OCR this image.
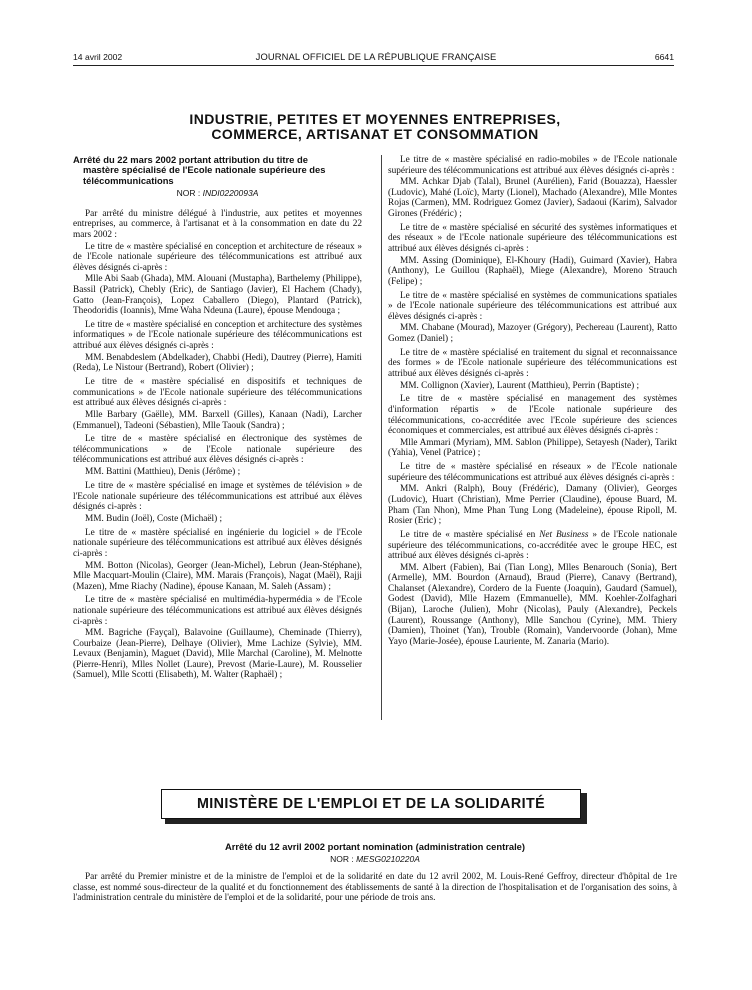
14 avril 2002	JOURNAL OFFICIEL DE LA RÉPUBLIQUE FRANÇAISE	6641
INDUSTRIE, PETITES ET MOYENNES ENTREPRISES,
COMMERCE, ARTISANAT ET CONSOMMATION
Arrêté du 22 mars 2002 portant attribution du titre de
mastère spécialisé de l'Ecole nationale supérieure des
télécommunications
NOR : INDI0220093A

Par arrêté du ministre délégué à l'industrie, aux petites et moyennes entreprises, au commerce, à l'artisanat et à la consommation en date du 22 mars 2002 :

Le titre de « mastère spécialisé en conception et architecture de réseaux » de l'Ecole nationale supérieure des télécommunications est attribué aux élèves désignés ci-après :

Mlle Abi Saab (Ghada), MM. Alouani (Mustapha), Barthelemy (Philippe), Bassil (Patrick), Chebly (Eric), de Santiago (Javier), El Hachem (Chady), Gatto (Jean-François), Lopez Caballero (Diego), Plantard (Patrick), Theodoridis (Ioannis), Mme Waha Ndeuna (Laure), épouse Mendouga ;

Le titre de « mastère spécialisé en conception et architecture des systèmes informatiques » de l'Ecole nationale supérieure des télécommunications est attribué aux élèves désignés ci-après :

MM. Benabdeslem (Abdelkader), Chabbi (Hedi), Dautrey (Pierre), Hamiti (Reda), Le Nistour (Bertrand), Robert (Olivier) ;

Le titre de « mastère spécialisé en dispositifs et techniques de communications » de l'Ecole nationale supérieure des télécommunications est attribué aux élèves désignés ci-après :

Mlle Barbary (Gaëlle), MM. Barxell (Gilles), Kanaan (Nadi), Larcher (Emmanuel), Tadeoni (Sébastien), Mlle Taouk (Sandra) ;

Le titre de « mastère spécialisé en électronique des systèmes de télécommunications » de l'Ecole nationale supérieure des télécommunications est attribué aux élèves désignés ci-après :

MM. Battini (Matthieu), Denis (Jérôme) ;

Le titre de « mastère spécialisé en image et systèmes de télévision » de l'Ecole nationale supérieure des télécommunications est attribué aux élèves désignés ci-après :

MM. Budin (Joël), Coste (Michaël) ;

Le titre de « mastère spécialisé en ingénierie du logiciel » de l'Ecole nationale supérieure des télécommunications est attribué aux élèves désignés ci-après :

MM. Botton (Nicolas), Georger (Jean-Michel), Lebrun (Jean-Stéphane), Mlle Macquart-Moulin (Claire), MM. Marais (François), Nagat (Maël), Rajji (Mazen), Mme Riachy (Nadine), épouse Kanaan, M. Saleh (Assam) ;

Le titre de « mastère spécialisé en multimédia-hypermédia » de l'Ecole nationale supérieure des télécommunications est attribué aux élèves désignés ci-après :

MM. Bagriche (Fayçal), Balavoine (Guillaume), Cheminade (Thierry), Courbaize (Jean-Pierre), Delhaye (Olivier), Mme Lachize (Sylvie), MM. Levaux (Benjamin), Maguet (David), Mlle Marchal (Caroline), M. Melnotte (Pierre-Henri), Mlles Nollet (Laure), Prevost (Marie-Laure), M. Rousselier (Samuel), Mlle Scotti (Elisabeth), M. Walter (Raphaël) ;

Le titre de « mastère spécialisé en radio-mobiles » de l'Ecole nationale supérieure des télécommunications est attribué aux élèves désignés ci-après :

MM. Achkar Djab (Talal), Brunel (Aurélien), Farid (Bouazza), Haessler (Ludovic), Mahé (Loïc), Marty (Lionel), Machado (Alexandre), Mlle Montes Rojas (Carmen), MM. Rodriguez Gomez (Javier), Sadaoui (Karim), Salvador Girones (Frédéric) ;

Le titre de « mastère spécialisé en sécurité des systèmes informatiques et des réseaux » de l'Ecole nationale supérieure des télécommunications est attribué aux élèves désignés ci-après :

MM. Assing (Dominique), El-Khoury (Hadi), Guimard (Xavier), Habra (Anthony), Le Guillou (Raphaël), Miege (Alexandre), Moreno Strauch (Felipe) ;

Le titre de « mastère spécialisé en systèmes de communications spatiales » de l'Ecole nationale supérieure des télécommunications est attribué aux élèves désignés ci-après :

MM. Chabane (Mourad), Mazoyer (Grégory), Pechereau (Laurent), Ratto Gomez (Daniel) ;

Le titre de « mastère spécialisé en traitement du signal et reconnaissance des formes » de l'Ecole nationale supérieure des télécommunications est attribué aux élèves désignés ci-après :

MM. Collignon (Xavier), Laurent (Matthieu), Perrin (Baptiste) ;

Le titre de « mastère spécialisé en management des systèmes d'information répartis » de l'Ecole nationale supérieure des télécommunications, co-accréditée avec l'Ecole supérieure des sciences économiques et commerciales, est attribué aux élèves désignés ci-après :

Mlle Ammari (Myriam), MM. Sablon (Philippe), Setayesh (Nader), Tarikt (Yahia), Venel (Patrice) ;

Le titre de « mastère spécialisé en réseaux » de l'Ecole nationale supérieure des télécommunications est attribué aux élèves désignés ci-après :

MM. Ankri (Ralph), Bouy (Frédéric), Damany (Olivier), Georges (Ludovic), Huart (Christian), Mme Perrier (Claudine), épouse Buard, M. Pham (Tan Nhon), Mme Phan Tung Long (Madeleine), épouse Ripoll, M. Rosier (Eric) ;

Le titre de « mastère spécialisé en Net Business » de l'Ecole nationale supérieure des télécommunications, co-accréditée avec le groupe HEC, est attribué aux élèves désignés ci-après :

MM. Albert (Fabien), Bai (Tian Long), Mlles Benarouch (Sonia), Bert (Armelle), MM. Bourdon (Arnaud), Braud (Pierre), Canavy (Bertrand), Chalanset (Alexandre), Cordero de la Fuente (Joaquin), Gaudard (Samuel), Godest (David), Mlle Hazem (Emmanuelle), MM. Koehler-Zolfaghari (Bijan), Laroche (Julien), Mohr (Nicolas), Pauly (Alexandre), Peckels (Laurent), Roussange (Anthony), Mlle Sanchou (Cyrine), MM. Thiery (Damien), Thoinet (Yan), Trouble (Romain), Vandervoorde (Johan), Mme Yayo (Marie-Josée), épouse Lauriente, M. Zanaria (Mario).

MINISTÈRE DE L'EMPLOI ET DE LA SOLIDARITÉ
Arrêté du 12 avril 2002 portant nomination (administration centrale)
NOR : MESG0210220A
Par arrêté du Premier ministre et de la ministre de l'emploi et de la solidarité en date du 12 avril 2002, M. Louis-René Geffroy, directeur d'hôpital de 1re classe, est nommé sous-directeur de la qualité et du fonctionnement des établissements de santé à la direction de l'hospitalisation et de l'organisation des soins, à l'administration centrale du ministère de l'emploi et de la solidarité, pour une période de trois ans.
